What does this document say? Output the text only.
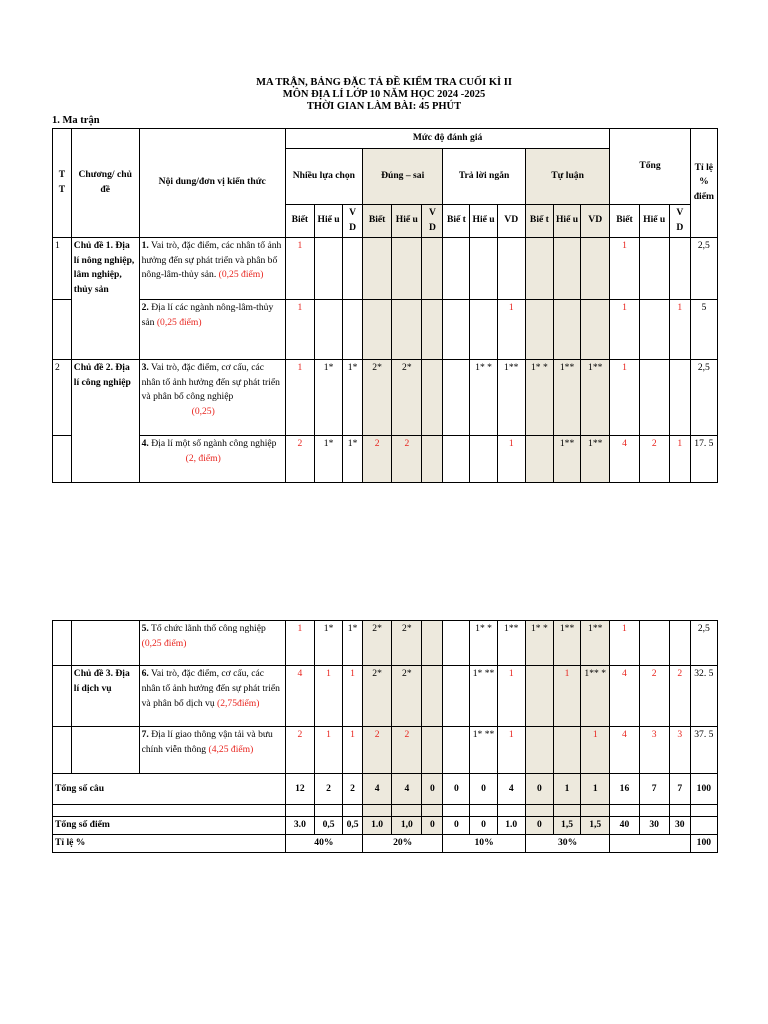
MA TRẬN, BẢNG ĐẶC TẢ ĐỀ KIỂM TRA CUỐI KÌ II
MÔN ĐỊA LÍ LỚP 10 NĂM HỌC 2024 -2025
THỜI GIAN LÀM BÀI: 45 PHÚT
1. Ma trận
T T	Chương/ chủ đề	Nội dung/đơn vị kiến thức	Mức độ đánh giá												Tổng			Tỉ lệ % điểm
			Nhiều lựa chọn			Đúng – sai			Trả lời ngắn			Tự luận						
			Biết	Hiể u	V D	Biết	Hiể u	V D	Biế t	Hiể u	VD	Biế t	Hiể u	VD	Biết	Hiể u	V D	
1	Chủ đề 1. Địa lí nông nghiệp, lâm nghiệp, thủy sản	1. Vai trò, đặc điểm, các nhân tố ảnh hưởng đến sự phát triển và phân bố nông-lâm-thủy sản. (0,25 điểm)	1												1			2,5
		2. Địa lí các ngành nông-lâm-thủy sản (0,25 điểm)	1								1				1		1	5
2	Chủ đề 2. Địa lí công nghiệp	3. Vai trò, đặc điểm, cơ cấu, các nhân tố ảnh hưởng đến sự phát triển và phân bố công nghiệp
(0,25)	1	1*	1*	2*	2*			1* *	1**	1* *	1**	1**	1			2,5
		4. Địa lí một số ngành công nghiệp
(2, điểm)	2	1*	1*	2	2				1		1**	1**	4	2	1	17. 5
		5. Tổ chức lãnh thổ công nghiệp
(0,25 điểm)	1	1*	1*	2*	2*			1* *	1**	1* *	1**	1**	1			2,5
	Chủ đề 3. Địa lí dịch vụ	6. Vai trò, đặc điểm, cơ cấu, các nhân tố ảnh hưởng đến sự phát triển và phân bố dịch vụ (2,75điểm)	4	1	1	2*	2*			1* **	1		1	1** *	4	2	2	32. 5
		7. Địa lí giao thông vận tải và bưu chính viễn thông (4,25 điểm)	2	1	1	2	2			1* **	1			1	4	3	3	37. 5
Tổng số câu			12	2	2	4	4	0	0	0	4	0	1	1	16	7	7	100

Tổng số điểm			3.0	0,5	0,5	1.0	1,0	0	0	0	1.0	0	1,5	1,5	40	30	30	
Tỉ lệ %			40%			20%			10%			30%						100
